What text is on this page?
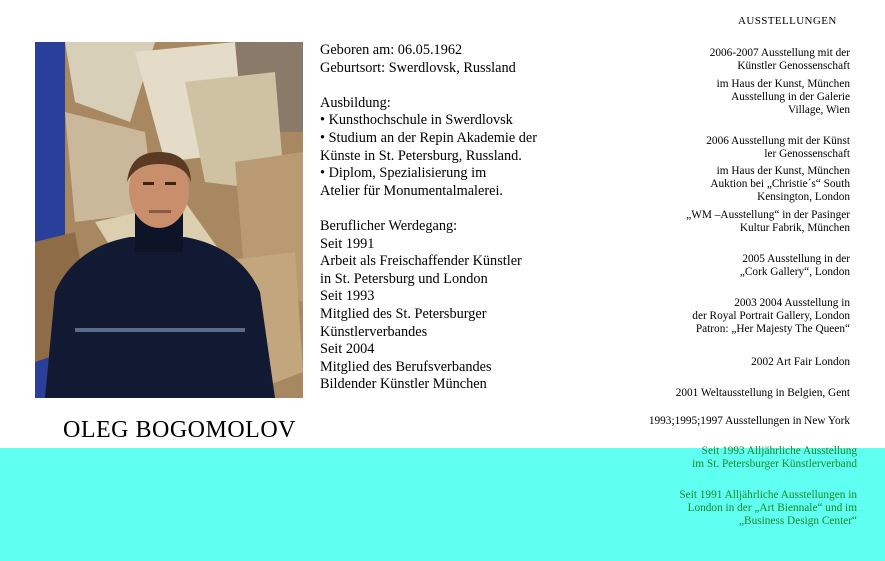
OLEG BOGOMOLOV
Geboren am: 06.05.1962
Geburtsort: Swerdlovsk, Russland
Ausbildung:
• Kunsthochschule in Swerdlovsk
• Studium an der Repin Akademie der
Künste in St. Petersburg, Russland.
• Diplom, Spezialisierung im
Atelier für Monumentalmalerei.
Beruflicher Werdegang:
Seit 1991
Arbeit als Freischaffender Künstler
in St. Petersburg und London
Seit 1993
Mitglied des St. Petersburger
Künstlerverbandes
Seit 2004
Mitglied des Berufsverbandes
Bildender Künstler München
AUSSTELLUNGEN
2006-2007 Ausstellung mit der
Künstler Genossenschaft
im Haus der Kunst, München
Ausstellung in der Galerie
Village, Wien
2006 Ausstellung mit der Künst
ler Genossenschaft
im Haus der Kunst, München
Auktion bei „Christie´s“ South
Kensington, London
„WM –Ausstellung“ in der Pasinger
Kultur Fabrik, München
2005 Ausstellung in der
„Cork Gallery“, London
2003 2004 Ausstellung in
der Royal Portrait Gallery, London
Patron: „Her Majesty The Queen“
2002 Art Fair London
2001 Weltausstellung in Belgien, Gent
1993;1995;1997 Ausstellungen in New York
Seit 1993 Alljährliche Ausstellung
im St. Petersburger Künstlerverband
Seit 1991 Alljährliche Ausstellungen in
London in der „Art Biennale“ und im
„Business Design Center“
